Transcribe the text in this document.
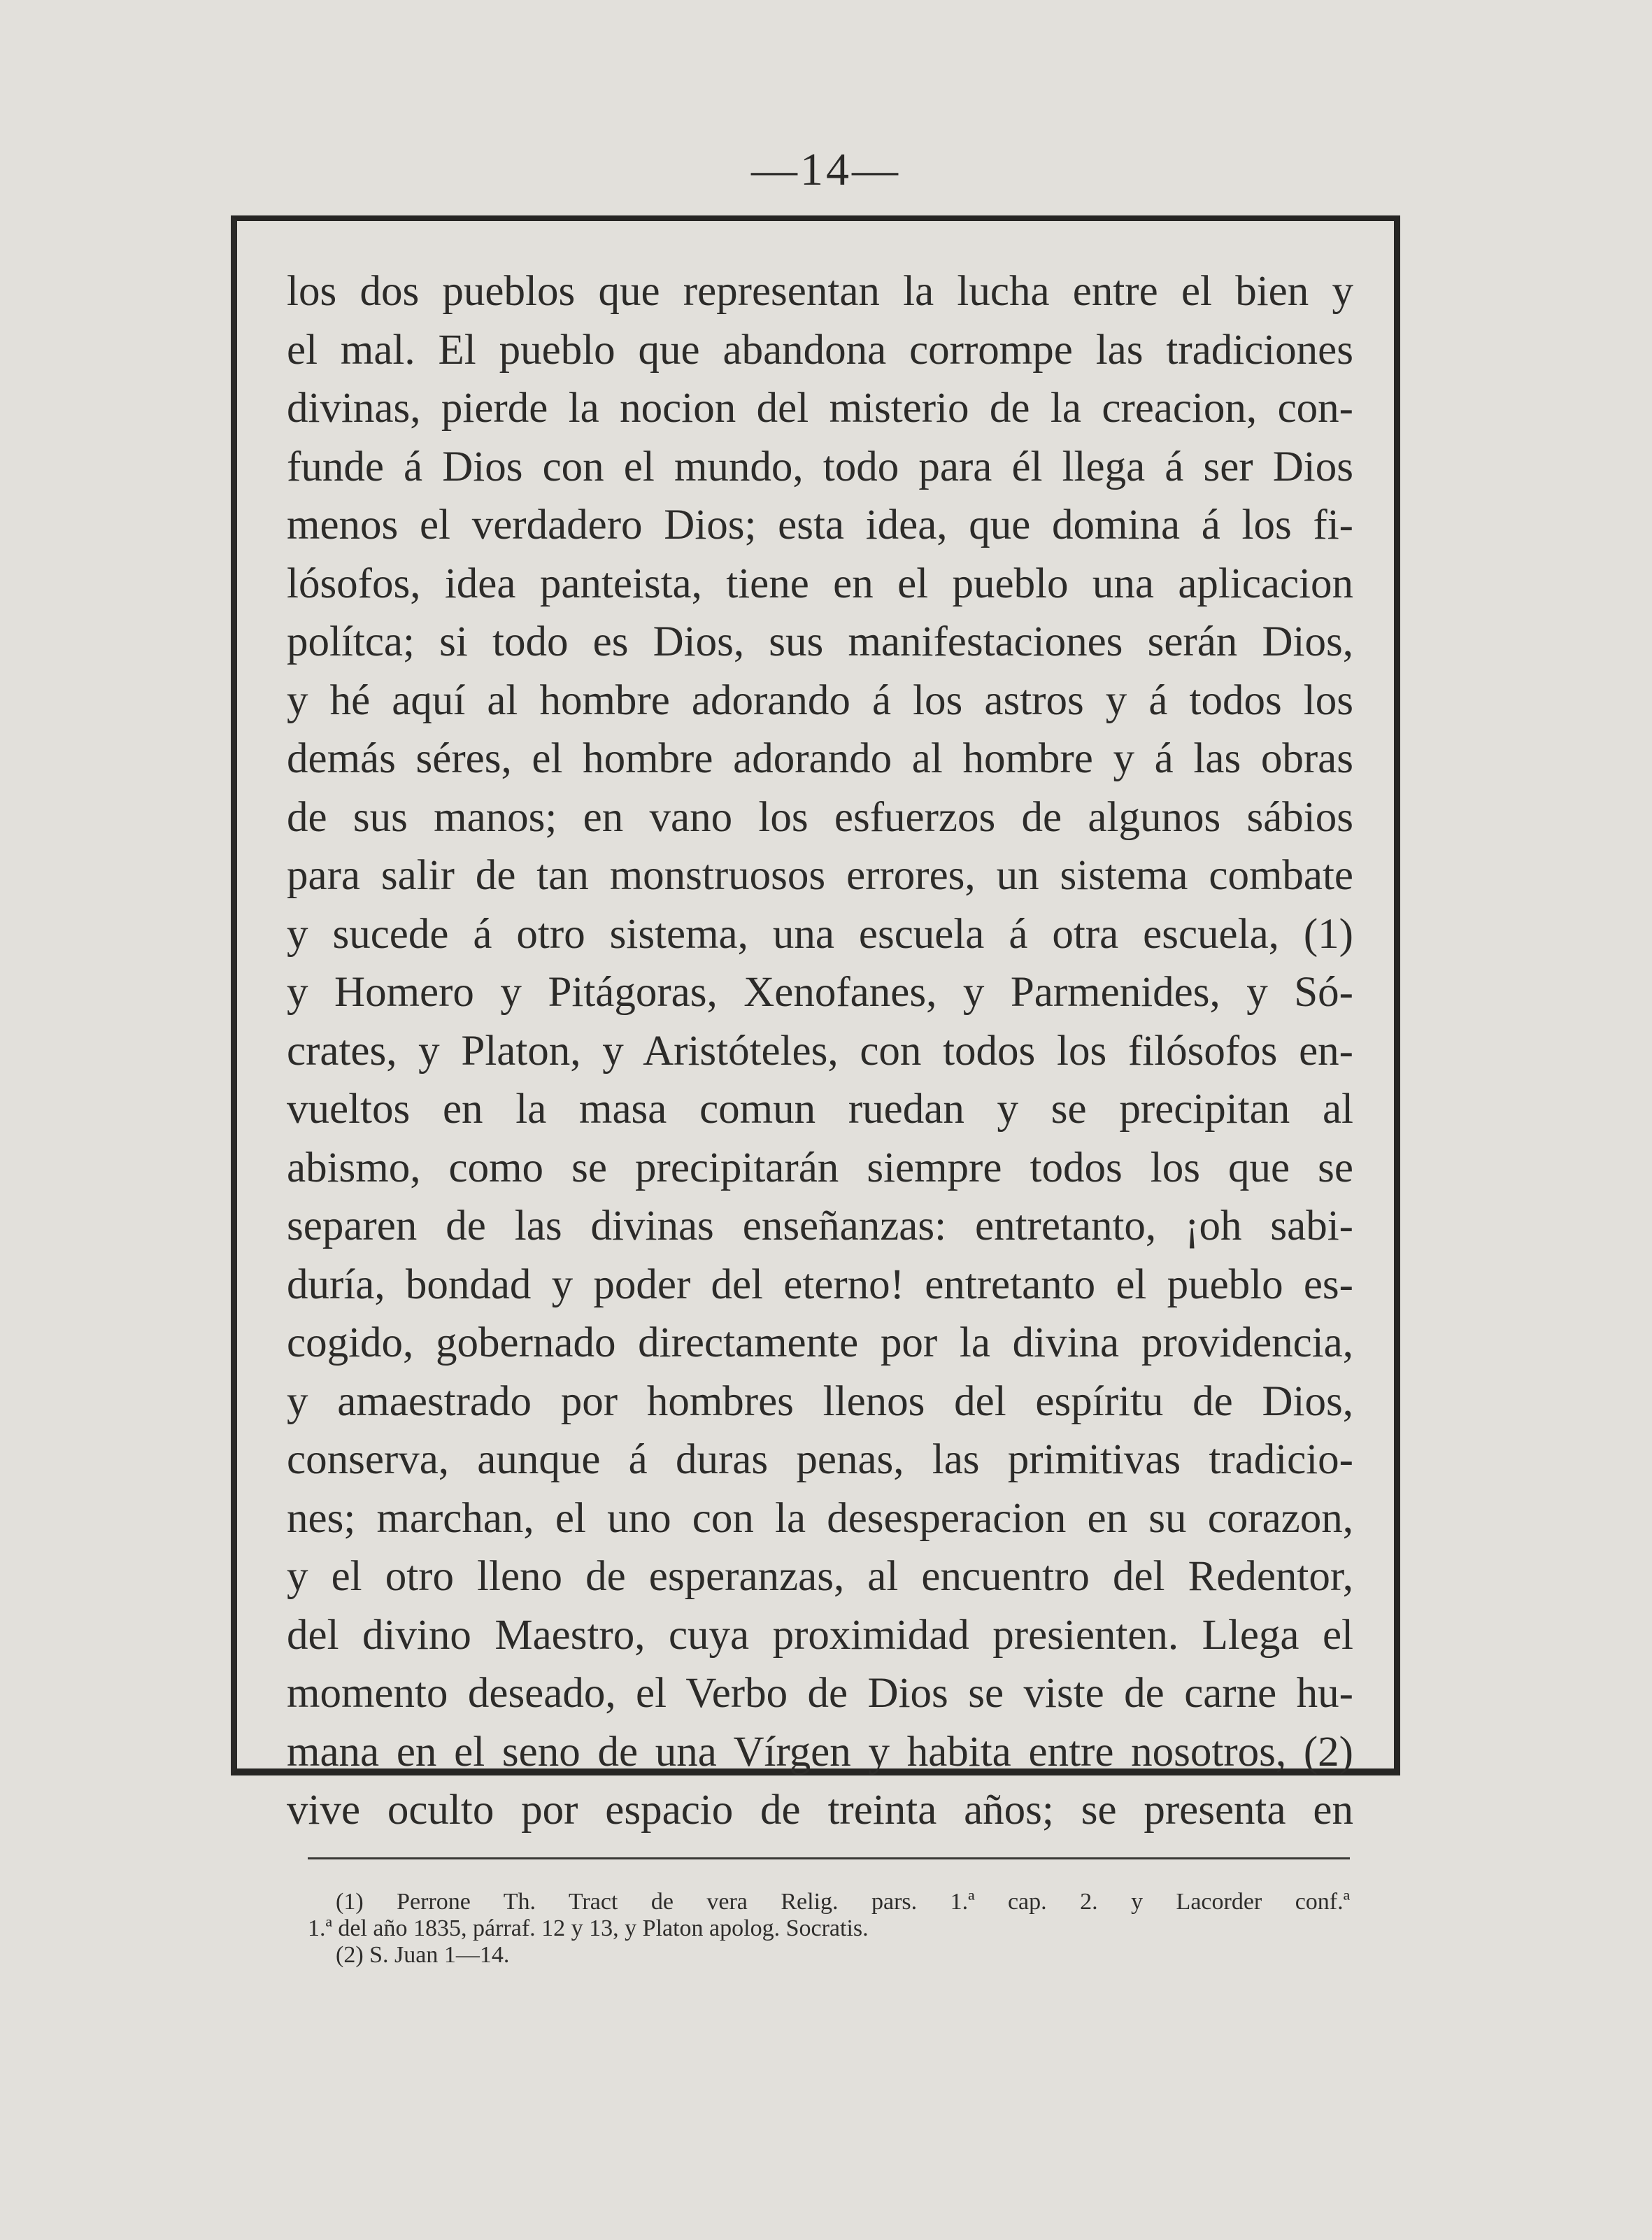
—14—
los dos pueblos que representan la lucha entre el bien y
el mal. El pueblo que abandona corrompe las tradiciones
divinas, pierde la nocion del misterio de la creacion, con-
funde á Dios con el mundo, todo para él llega á ser Dios
menos el verdadero Dios; esta idea, que domina á los fi-
lósofos, idea panteista, tiene en el pueblo una aplicacion
polítca; si todo es Dios, sus manifestaciones serán Dios,
y hé aquí al hombre adorando á los astros y á todos los
demás séres, el hombre adorando al hombre y á las obras
de sus manos; en vano los esfuerzos de algunos sábios
para salir de tan monstruosos errores, un sistema combate
y sucede á otro sistema, una escuela á otra escuela, (1)
y Homero y Pitágoras, Xenofanes, y Parmenides, y Só-
crates, y Platon, y Aristóteles, con todos los filósofos en-
vueltos en la masa comun ruedan y se precipitan al
abismo, como se precipitarán siempre todos los que se
separen de las divinas enseñanzas: entretanto, ¡oh sabi-
duría, bondad y poder del eterno! entretanto el pueblo es-
cogido, gobernado directamente por la divina providencia,
y amaestrado por hombres llenos del espíritu de Dios,
conserva, aunque á duras penas, las primitivas tradicio-
nes; marchan, el uno con la desesperacion en su corazon,
y el otro lleno de esperanzas, al encuentro del Redentor,
del divino Maestro, cuya proximidad presienten. Llega el
momento deseado, el Verbo de Dios se viste de carne hu-
mana en el seno de una Vírgen y habita entre nosotros, (2)
vive oculto por espacio de treinta años; se presenta en
(1) Perrone Th. Tract de vera Relig. pars. 1.ª cap. 2. y Lacorder conf.ª
1.ª del año 1835, párraf. 12 y 13, y Platon apolog. Socratis.
(2) S. Juan 1—14.
